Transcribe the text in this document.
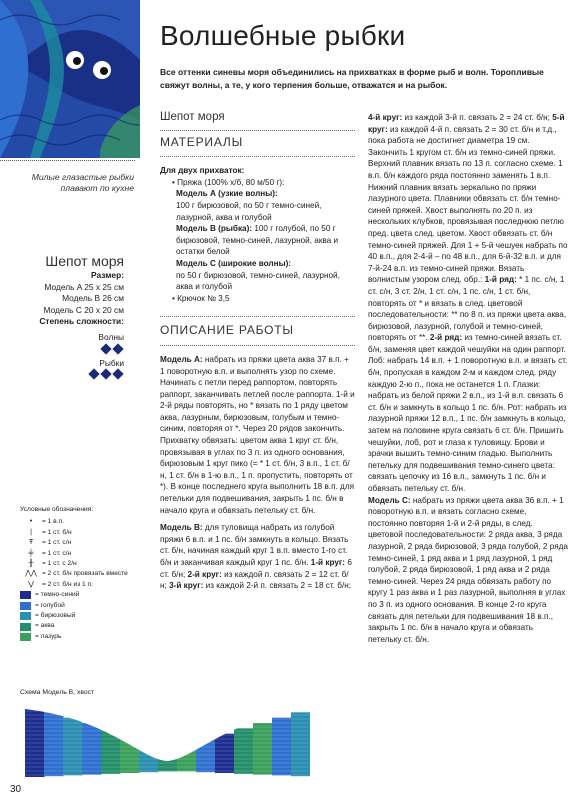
Милые глазастые рыбки плавают по кухне
Шепот моря
Размер:
Модель A 25 x 25 см
Модель В 26 см
Модель С 20 x 20 см
Степень сложности:
Волны
Рыбки
Условные обозначения:
•	= 1 в.п.
|	= 1 ст. б/н
Ŧ	= 1 ст. с/н
╪	= 1 ст. с/н
╫	= 1 ст. с 2/н
⋀⋀ = 2 ст. б/н провязать вместе
⋁	= 2 ст. б/н из 1 п.
= темно-синий
= голубой
= бирюзовый
= аква
= лазурь
Схема Модель В, хвост
30
Волшебные рыбки
Все оттенки синевы моря объединились на прихватках в форме рыб и волн. Торопливые свяжут волны, а те, у кого терпения больше, отважатся и на рыбок.
Шепот моря
МАТЕРИАЛЫ

Для двух прихваток:

• Пряжа (100% х/б, 80 м/50 г):

Модель А (узкие волны):

100 г бирюзовой, по 50 г темно-синей, лазурной, аква и голубой

Модель В (рыбка): 100 г голубой, по 50 г бирюзовой, темно-синей, лазурной, аква и остатки белой

Модель С (широкие волны):

по 50 г бирюзовой, темно-синей, лазурной, аква и голубой

• Крючок № 3,5

ОПИСАНИЕ РАБОТЫ

Модель А: набрать из пряжи цвета аква 37 в.п. + 1 поворотную в.п. и выполнять узор по схеме. Начинать с петли перед раппортом, повторять раппорт, заканчивать петлей после раппорта. 1-й и 2-й ряды повторять, но * вязать по 1 ряду цветом аква, лазурным, бирюзовым, голубым и темно-синим, повторяя от *. Через 20 рядов закончить. Прихватку обвязать: цветом аква 1 круг ст. б/н, провязывая в углах по 3 п. из одного основания, бирюзовым 1 круг пико (= * 1 ст. б/н, 3 в.п., 1 ст. б/н, 1 ст. б/н в 1-ю в.п., 1 п. пропустить, повторять от *). В конце последнего круга выполнить 18 в.п. для петельки для подвешивания, закрыть 1 пс. б/н в начало круга и обвязать петельку ст. б/н.

Модель В: для туловища набрать из голубой пряжи 6 в.п. и 1 пс. б/н замкнуть в кольцо. Вязать ст. б/н, начиная каждый круг 1 в.п. вместо 1-го ст. б/н и заканчивая каждый круг 1 пс. б/н. 1-й круг: 6 ст. б/н; 2-й круг: из каждой п. связать 2 = 12 ст. б/н; 3-й круг: из каждой 2-й п. связать 2 = 18 ст. б/н;

4-й круг: из каждой 3-й п. связать 2 = 24 ст. б/н; 5-й круг: из каждой 4-й п. связать 2 = 30 ст. б/н и т.д., пока работа не достигнет диаметра 19 см. Закончить 1 кругом ст. б/н из темно-синей пряжи. Верхний плавник вязать по 13 п. согласно схеме. 1 в.п. б/н каждого ряда постоянно заменять 1 в.п. Нижний плавник вязать зеркально по пряжи лазурного цвета. Плавники обвязать ст. б/н темно-синей пряжей. Хвост выполнять по 20 п. из нескольких клубков, провязывая последнюю петлю пред. цвета след. цветом. Хвост обвязать ст. б/н темно-синей пряжей. Для 1 + 5-й чешуек набрать по 40 в.п., для 2-4-й – по 48 в.п., для 6-й-32 в.п. и для 7-й-24 в.п. из темно-синей пряжи. Вязать волнистым узором след. обр.: 1-й ряд: * 1 пс. с/н, 1 ст. с/н, 3 ст. 2/н, 1 ст. с/н, 1 пс. с/н, 1 ст. б/н, повторять от * и вязать в след. цветовой последовательности: ** по 8 п. из пряжи цвета аква, бирюзовой, лазурной, голубой и темно-синей, повторять от **. 2-й ряд: из темно-синей вязать ст. б/н, заменяя цвет каждой чешуйки на один раппорт. Лоб: набрать 14 в.п. + 1 поворотную в.п. и вязать ст. б/н, пропуская в каждом 2-м и каждом след. ряду каждую 2-ю п., пока не останется 1 п. Глазки: набрать из белой пряжи 2 в.п., из 1-й в.п. связать 6 ст. б/н и замкнуть в кольцо 1 пс. б/н. Рот: набрать из лазурной пряжи 12 в.п., 1 пс. б/н замкнуть в кольцо, затем на половине круга связать 6 ст. б/н. Пришить чешуйки, лоб, рот и глаза к туловищу. Брови и зрачки вышить темно-синим гладью. Выполнить петельку для подвешивания темно-синего цвета: связать цепочку из 16 в.п., замкнуть 1 пс. б/н и обвязать петельку ст. б/н.

Модель С: набрать из пряжи цвета аква 36 в.п. + 1 поворотную в.п. и вязать согласно схеме, постоянно повторяя 1-й и 2-й ряды, в след. цветовой последовательности: 2 ряда аква, 3 ряда лазурной, 2 ряда бирюзовой, 3 ряда голубой, 2 ряда темно-синей, 1 ряд аква и 1 ряд лазурной, 1 ряд голубой, 2 ряда бирюзовой, 1 ряд аква и 2 ряда темно-синей. Через 24 ряда обвязать работу по кругу 1 раз аква и 1 раз лазурной, выполняя в углах по 3 п. из одного основания. В конце 2-го круга связать для петельки для подвешивания 18 в.п., закрыть 1 пс. б/н в начало круга и обвязать петельку ст. б/н.
